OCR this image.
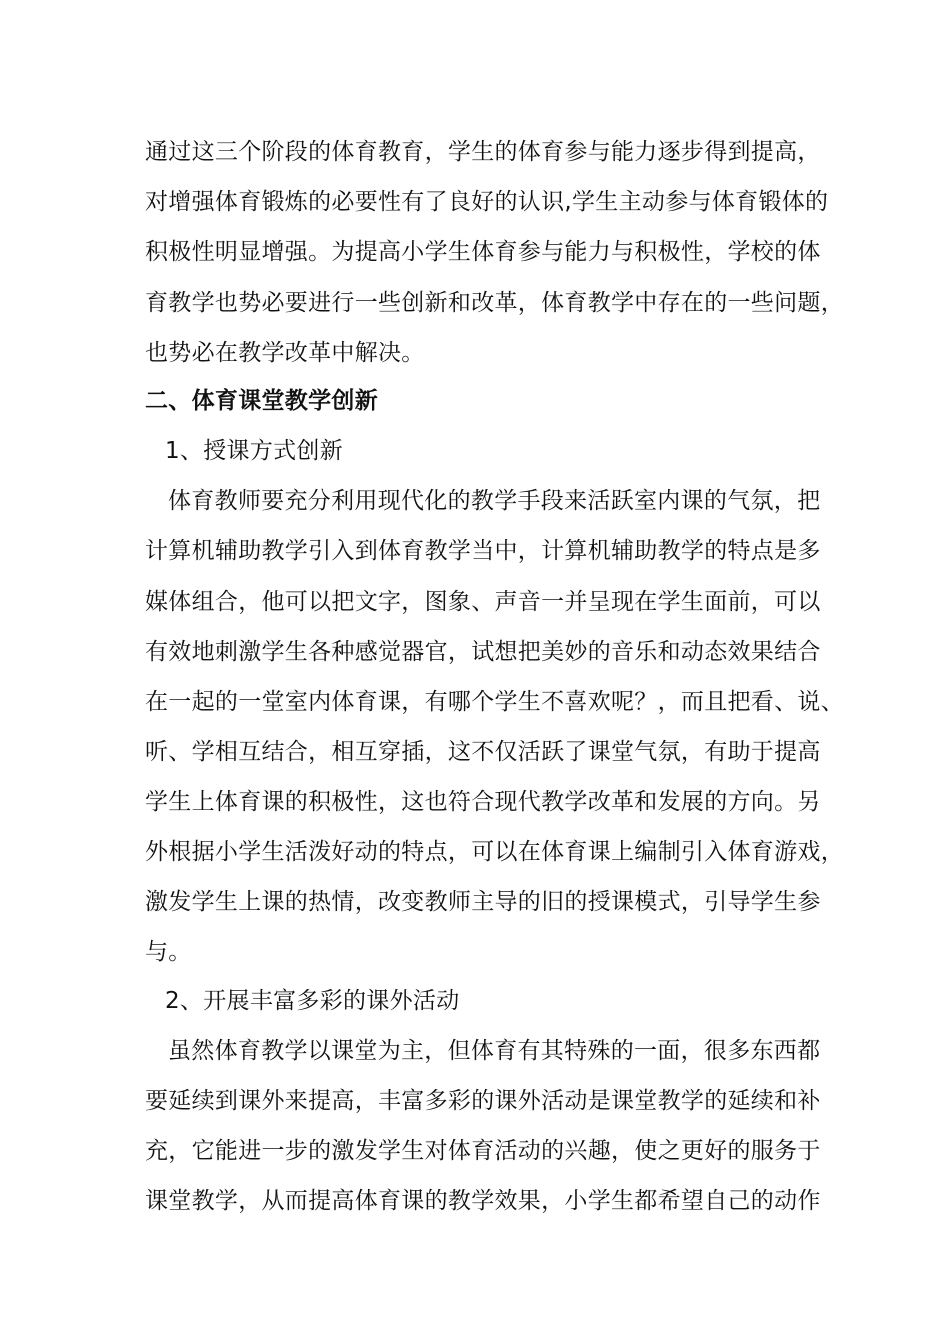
通过这三个阶段的体育教育，学生的体育参与能力逐步得到提高，
对增强体育锻炼的必要性有了良好的认识,学生主动参与体育锻体的
积极性明显增强。为提高小学生体育参与能力与积极性，学校的体
育教学也势必要进行一些创新和改革，体育教学中存在的一些问题，
也势必在教学改革中解决。
二、体育课堂教学创新
1、授课方式创新
体育教师要充分利用现代化的教学手段来活跃室内课的气氛，把
计算机辅助教学引入到体育教学当中，计算机辅助教学的特点是多
媒体组合，他可以把文字，图象、声音一并呈现在学生面前，可以
有效地刺激学生各种感觉器官，试想把美妙的音乐和动态效果结合
在一起的一堂室内体育课，有哪个学生不喜欢呢？，而且把看、说、
听、学相互结合，相互穿插，这不仅活跃了课堂气氛，有助于提高
学生上体育课的积极性，这也符合现代教学改革和发展的方向。另
外根据小学生活泼好动的特点，可以在体育课上编制引入体育游戏，
激发学生上课的热情，改变教师主导的旧的授课模式，引导学生参
与。
2、开展丰富多彩的课外活动
虽然体育教学以课堂为主，但体育有其特殊的一面，很多东西都
要延续到课外来提高，丰富多彩的课外活动是课堂教学的延续和补
充，它能进一步的激发学生对体育活动的兴趣，使之更好的服务于
课堂教学，从而提高体育课的教学效果，小学生都希望自己的动作
